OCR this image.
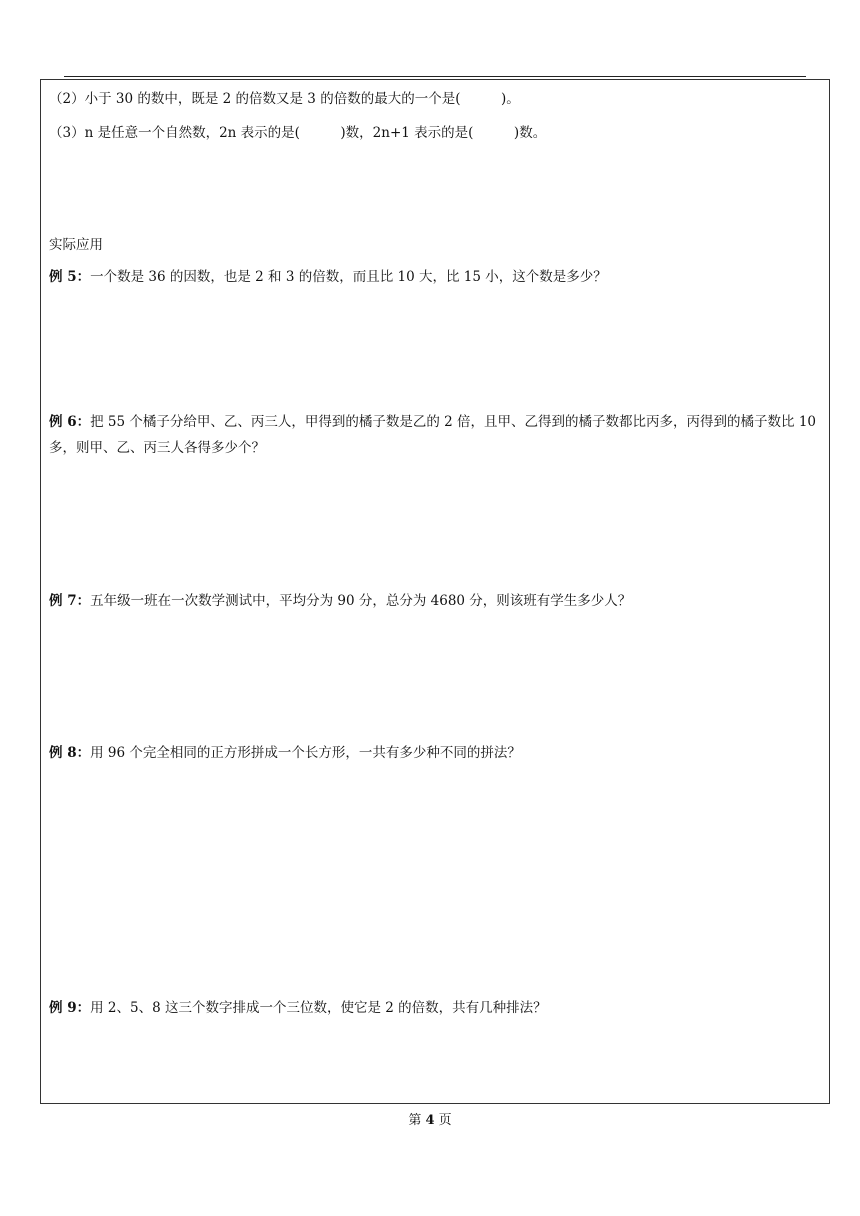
（2）小于 30 的数中，既是 2 的倍数又是 3 的倍数的最大的一个是(　　　)。
（3）n 是任意一个自然数，2n 表示的是(　　　)数，2n+1 表示的是(　　　)数。
实际应用
例 5：一个数是 36 的因数，也是 2 和 3 的倍数，而且比 10 大，比 15 小，这个数是多少？
例 6：把 55 个橘子分给甲、乙、丙三人，甲得到的橘子数是乙的 2 倍，且甲、乙得到的橘子数都比丙多，丙得到的橘子数比 10 多，则甲、乙、丙三人各得多少个？
例 7：五年级一班在一次数学测试中，平均分为 90 分，总分为 4680 分，则该班有学生多少人？
例 8：用 96 个完全相同的正方形拼成一个长方形，一共有多少种不同的拼法？
例 9：用 2、5、8 这三个数字排成一个三位数，使它是 2 的倍数，共有几种排法？
第 4 页
